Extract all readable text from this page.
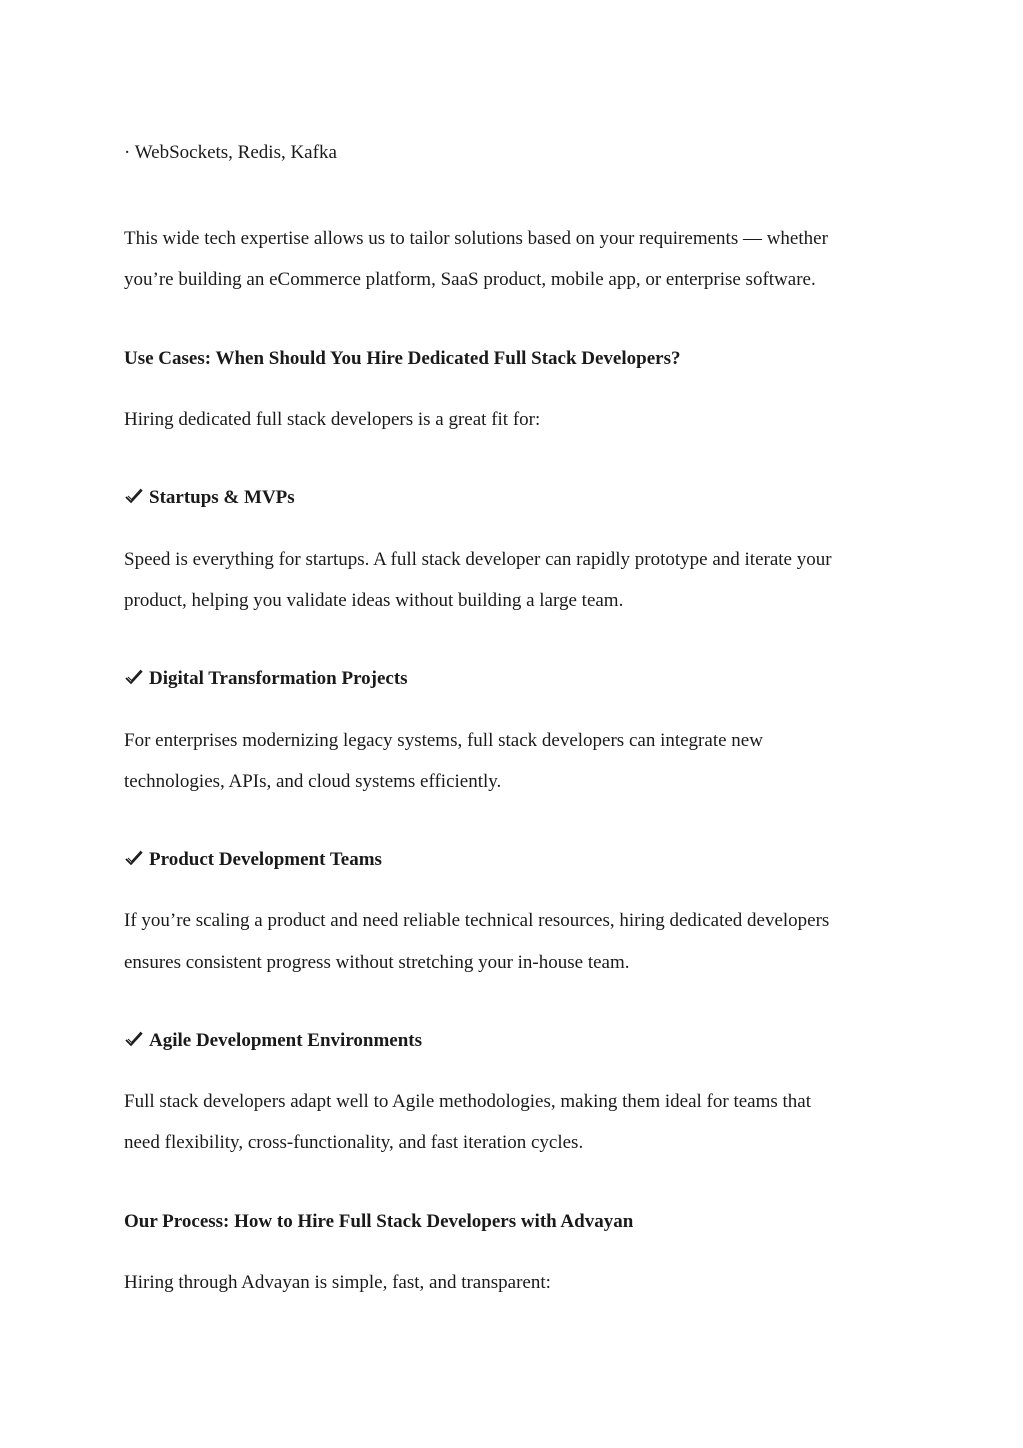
· WebSockets, Redis, Kafka
This wide tech expertise allows us to tailor solutions based on your requirements — whether
you’re building an eCommerce platform, SaaS product, mobile app, or enterprise software.
Use Cases: When Should You Hire Dedicated Full Stack Developers?
Hiring dedicated full stack developers is a great fit for:
Startups & MVPs
Speed is everything for startups. A full stack developer can rapidly prototype and iterate your
product, helping you validate ideas without building a large team.
Digital Transformation Projects
For enterprises modernizing legacy systems, full stack developers can integrate new
technologies, APIs, and cloud systems efficiently.
Product Development Teams
If you’re scaling a product and need reliable technical resources, hiring dedicated developers
ensures consistent progress without stretching your in-house team.
Agile Development Environments
Full stack developers adapt well to Agile methodologies, making them ideal for teams that
need flexibility, cross-functionality, and fast iteration cycles.
Our Process: How to Hire Full Stack Developers with Advayan
Hiring through Advayan is simple, fast, and transparent:
